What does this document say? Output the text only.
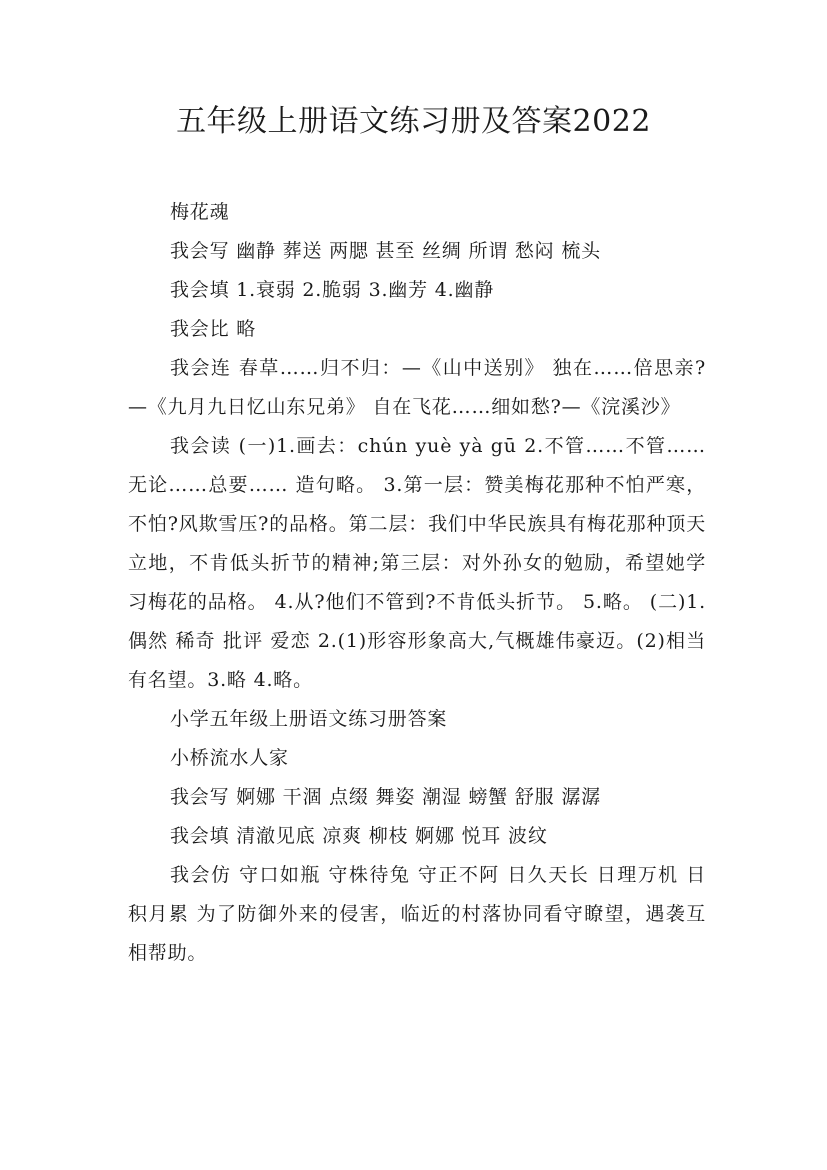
五年级上册语文练习册及答案2022

梅花魂

我会写 幽静 葬送 两腮 甚至 丝绸 所谓 愁闷 梳头

我会填 1.衰弱 2.脆弱 3.幽芳 4.幽静

我会比 略

我会连 春草……归不归：—《山中送别》 独在……倍思亲?—《九月九日忆山东兄弟》 自在飞花……细如愁?—《浣溪沙》

我会读 (一)1.画去：chún yuè yà gū 2.不管……不管…… 无论……总要…… 造句略。 3.第一层：赞美梅花那种不怕严寒，不怕?风欺雪压?的品格。第二层：我们中华民族具有梅花那种顶天立地，不肯低头折节的精神;第三层：对外孙女的勉励，希望她学习梅花的品格。 4.从?他们不管到?不肯低头折节。 5.略。 (二)1.偶然 稀奇 批评 爱恋 2.(1)形容形象高大,气概雄伟豪迈。(2)相当有名望。3.略 4.略。

小学五年级上册语文练习册答案

小桥流水人家

我会写 婀娜 干涸 点缀 舞姿 潮湿 螃蟹 舒服 潺潺

我会填 清澈见底 凉爽 柳枝 婀娜 悦耳 波纹

我会仿 守口如瓶 守株待兔 守正不阿 日久天长 日理万机 日积月累 为了防御外来的侵害，临近的村落协同看守瞭望，遇袭互相帮助。
